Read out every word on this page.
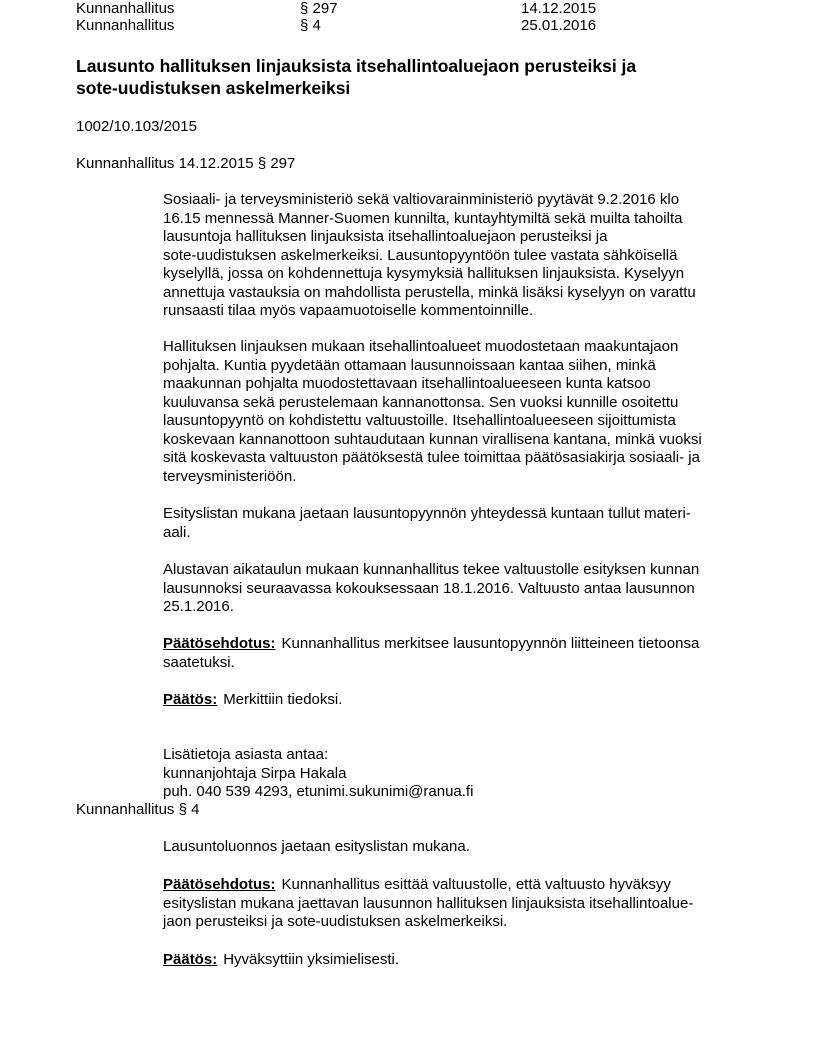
Kunnanhallitus	§ 297	14.12.2015
Kunnanhallitus	§ 4	25.01.2016
Lausunto hallituksen linjauksista itsehallintoaluejaon perusteiksi ja
sote-uudistuksen askelmerkeiksi
1002/10.103/2015
Kunnanhallitus 14.12.2015 § 297
Sosiaali- ja terveysministeriö sekä valtiovarainministeriö pyytävät 9.2.2016 klo
16.15 mennessä Manner-Suomen kunnilta, kuntayhtymiltä sekä muilta tahoilta
lausuntoja hallituksen linjauksista itsehallintoaluejaon perusteiksi ja
sote-uudistuksen askelmerkeiksi. Lausuntopyyntöön tulee vastata sähköisellä
kyselyllä, jossa on kohdennettuja kysymyksiä hallituksen linjauksista. Kyselyyn
annettuja vastauksia on mahdollista perustella, minkä lisäksi kyselyyn on varattu
runsaasti tilaa myös vapaamuotoiselle kommentoinnille.
Hallituksen linjauksen mukaan itsehallintoalueet muodostetaan maakuntajaon
pohjalta. Kuntia pyydetään ottamaan lausunnoissaan kantaa siihen, minkä
maakunnan pohjalta muodostettavaan itsehallintoalueeseen kunta katsoo
kuuluvansa sekä perustelemaan kannanottonsa. Sen vuoksi kunnille osoitettu
lausuntopyyntö on kohdistettu valtuustoille. Itsehallintoalueeseen sijoittumista
koskevaan kannanottoon suhtaudutaan kunnan virallisena kantana, minkä vuoksi
sitä koskevasta valtuuston päätöksestä tulee toimittaa päätösasiakirja sosiaali- ja
terveysministeriöön.
Esityslistan mukana jaetaan lausuntopyynnön yhteydessä kuntaan tullut materi-
aali.
Alustavan aikataulun mukaan kunnanhallitus tekee valtuustolle esityksen kunnan
lausunnoksi seuraavassa kokouksessaan 18.1.2016. Valtuusto antaa lausunnon
25.1.2016.
Päätösehdotus: Kunnanhallitus merkitsee lausuntopyynnön liitteineen tietoonsa
saatetuksi.
Päätös: Merkittiin tiedoksi.
Lisätietoja asiasta antaa:
kunnanjohtaja Sirpa Hakala
puh. 040 539 4293, etunimi.sukunimi@ranua.fi
Kunnanhallitus § 4
Lausuntoluonnos jaetaan esityslistan mukana.
Päätösehdotus: Kunnanhallitus esittää valtuustolle, että valtuusto hyväksyy
esityslistan mukana jaettavan lausunnon hallituksen linjauksista itsehallintoalue-
jaon perusteiksi ja sote-uudistuksen askelmerkeiksi.
Päätös: Hyväksyttiin yksimielisesti.
